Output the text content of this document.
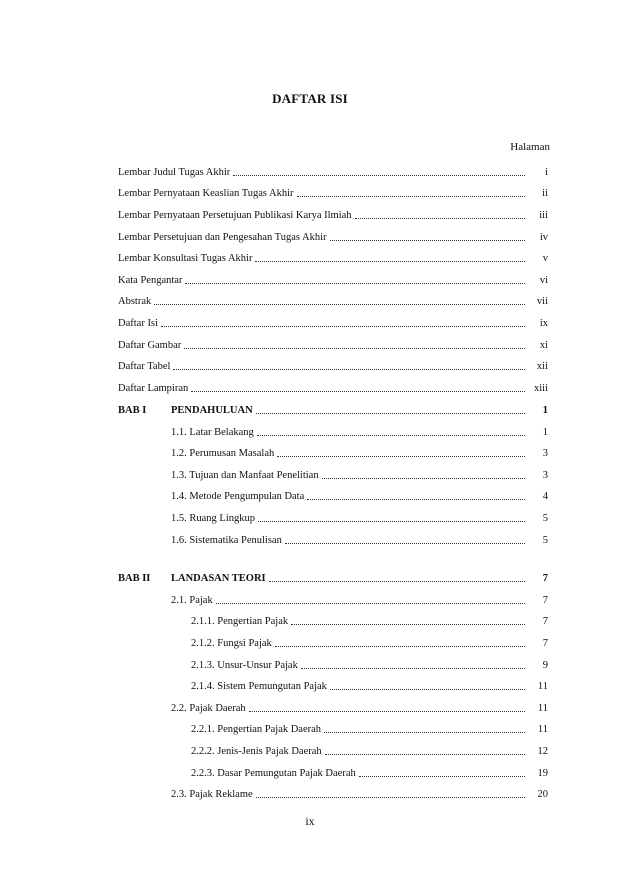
DAFTAR ISI
Halaman
Lembar Judul Tugas Akhir	i
Lembar Pernyataan Keaslian Tugas Akhir	ii
Lembar Pernyataan Persetujuan Publikasi Karya Ilmiah	iii
Lembar Persetujuan dan Pengesahan Tugas Akhir	iv
Lembar Konsultasi Tugas Akhir	v
Kata Pengantar	vi
Abstrak	vii
Daftar Isi	ix
Daftar Gambar	xi
Daftar Tabel	xii
Daftar Lampiran	xiii
BAB I	PENDAHULUAN	1
1.1. Latar Belakang	1
1.2. Perumusan Masalah	3
1.3. Tujuan dan Manfaat Penelitian	3
1.4. Metode Pengumpulan Data	4
1.5. Ruang Lingkup	5
1.6. Sistematika Penulisan	5
BAB II	LANDASAN TEORI	7
2.1. Pajak	7
2.1.1. Pengertian Pajak	7
2.1.2. Fungsi Pajak	7
2.1.3. Unsur-Unsur Pajak	9
2.1.4. Sistem Pemungutan Pajak	11
2.2. Pajak Daerah	11
2.2.1. Pengertian Pajak Daerah	11
2.2.2. Jenis-Jenis Pajak Daerah	12
2.2.3. Dasar Pemungutan Pajak Daerah	19
2.3. Pajak Reklame	20
ix
